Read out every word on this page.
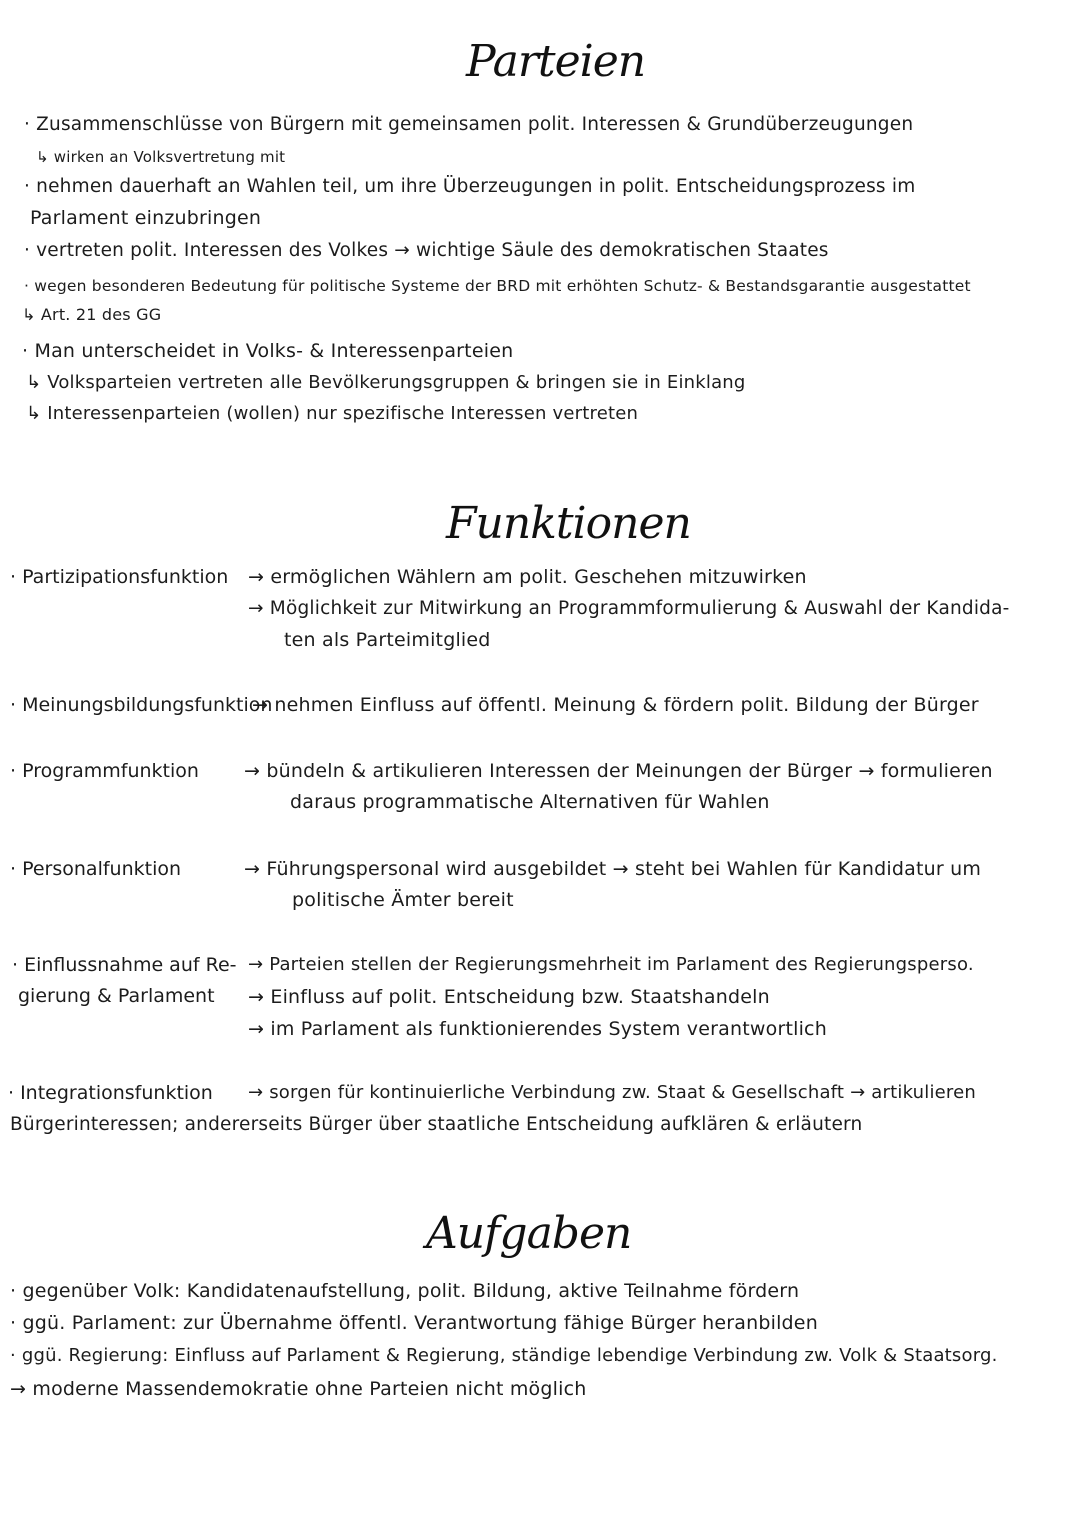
Parteien
· Zusammenschlüsse von Bürgern mit gemeinsamen polit. Interessen & Grundüberzeugungen
↳ wirken an Volksvertretung mit
· nehmen dauerhaft an Wahlen teil, um ihre Überzeugungen in polit. Entscheidungsprozess im
Parlament einzubringen
· vertreten polit. Interessen des Volkes → wichtige Säule des demokratischen Staates
· wegen besonderen Bedeutung für politische Systeme der BRD mit erhöhten Schutz- & Bestandsgarantie ausgestattet
↳ Art. 21 des GG
· Man unterscheidet in Volks- & Interessenparteien
↳ Volksparteien vertreten alle Bevölkerungsgruppen & bringen sie in Einklang
↳ Interessenparteien (wollen) nur spezifische Interessen vertreten
Funktionen
· Partizipationsfunktion → ermöglichen Wählern am polit. Geschehen mitzuwirken
→ Möglichkeit zur Mitwirkung an Programmformulierung & Auswahl der Kandida-
ten als Parteimitglied
· Meinungsbildungsfunktion
→ nehmen Einfluss auf öffentl. Meinung & fördern polit. Bildung der Bürger
· Programmfunktion → bündeln & artikulieren Interessen der Meinungen der Bürger → formulieren
daraus programmatische Alternativen für Wahlen
· Personalfunktion	→ Führungspersonal wird ausgebildet → steht bei Wahlen für Kandidatur um
politische Ämter bereit
· Einflussnahme auf Re-
gierung & Parlament
→ Parteien stellen der Regierungsmehrheit im Parlament des Regierungsperso.
→ Einfluss auf polit. Entscheidung bzw. Staatshandeln
→ im Parlament als funktionierendes System verantwortlich
· Integrationsfunktion → sorgen für kontinuierliche Verbindung zw. Staat & Gesellschaft → artikulieren
Bürgerinteressen; andererseits Bürger über staatliche Entscheidung aufklären & erläutern
Aufgaben
· gegenüber Volk: Kandidatenaufstellung, polit. Bildung, aktive Teilnahme fördern
· ggü. Parlament: zur Übernahme öffentl. Verantwortung fähige Bürger heranbilden
· ggü. Regierung: Einfluss auf Parlament & Regierung, ständige lebendige Verbindung zw. Volk & Staatsorg.
→ moderne Massendemokratie ohne Parteien nicht möglich
